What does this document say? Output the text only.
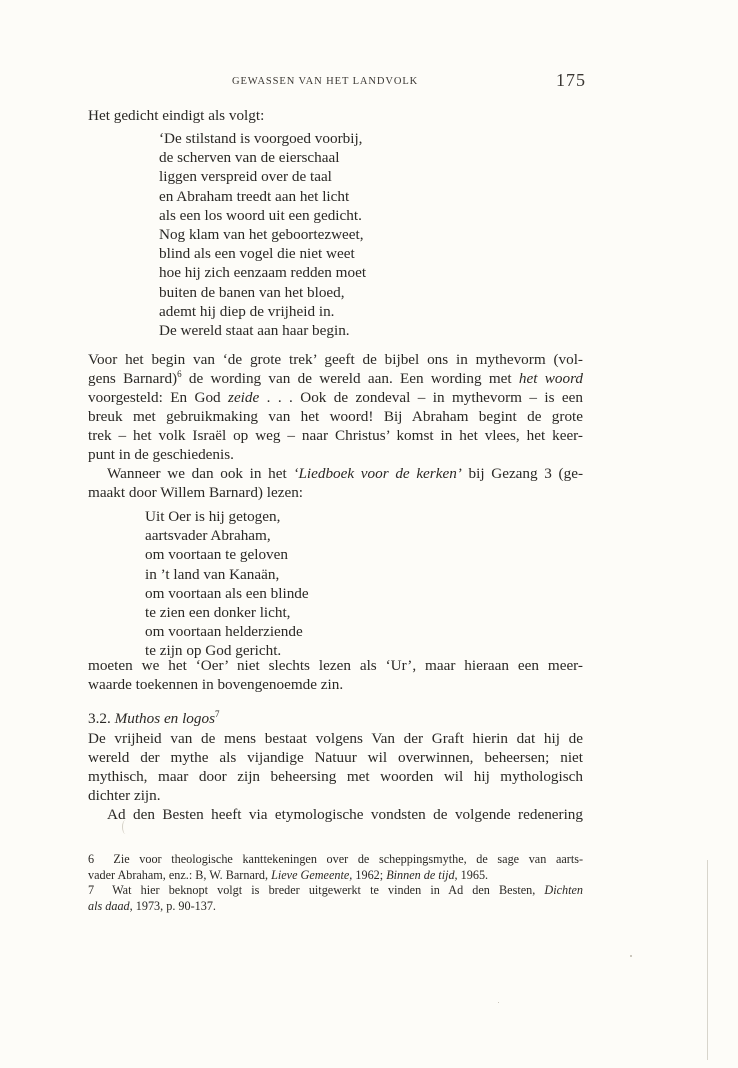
GEWASSEN VAN HET LANDVOLK	175
Het gedicht eindigt als volgt:
‘De stilstand is voorgoed voorbij,
de scherven van de eierschaal
liggen verspreid over de taal
en Abraham treedt aan het licht
als een los woord uit een gedicht.
Nog klam van het geboortezweet,
blind als een vogel die niet weet
hoe hij zich eenzaam redden moet
buiten de banen van het bloed,
ademt hij diep de vrijheid in.
De wereld staat aan haar begin.
Voor het begin van ‘de grote trek’ geeft de bijbel ons in mythevorm (vol-
gens Barnard)$^6$ de wording van de wereld aan. Een wording met het woord
voorgesteld: En God zeide . . . Ook de zondeval – in mythevorm – is een
breuk met gebruikmaking van het woord! Bij Abraham begint de grote
trek – het volk Israël op weg – naar Christus’ komst in het vlees, het keer-
punt in de geschiedenis.
Wanneer we dan ook in het ‘Liedboek voor de kerken’ bij Gezang 3 (ge-
maakt door Willem Barnard) lezen:
Uit Oer is hij getogen,
aartsvader Abraham,
om voortaan te geloven
in ’t land van Kanaän,
om voortaan als een blinde
te zien een donker licht,
om voortaan helderziende
te zijn op God gericht.
moeten we het ‘Oer’ niet slechts lezen als ‘Ur’, maar hieraan een meer-
waarde toekennen in bovengenoemde zin.
3.2. Muthos en logos$^7$
De vrijheid van de mens bestaat volgens Van der Graft hierin dat hij de
wereld der mythe als vijandige Natuur wil overwinnen, beheersen; niet
mythisch, maar door zijn beheersing met woorden wil hij mythologisch
dichter zijn.
Ad den Besten heeft via etymologische vondsten de volgende redenering
6 Zie voor theologische kanttekeningen over de scheppingsmythe, de sage van aarts-
vader Abraham, enz.: B, W. Barnard, Lieve Gemeente, 1962; Binnen de tijd, 1965.
7 Wat hier beknopt volgt is breder uitgewerkt te vinden in Ad den Besten, Dichten
als daad, 1973, p. 90-137.
